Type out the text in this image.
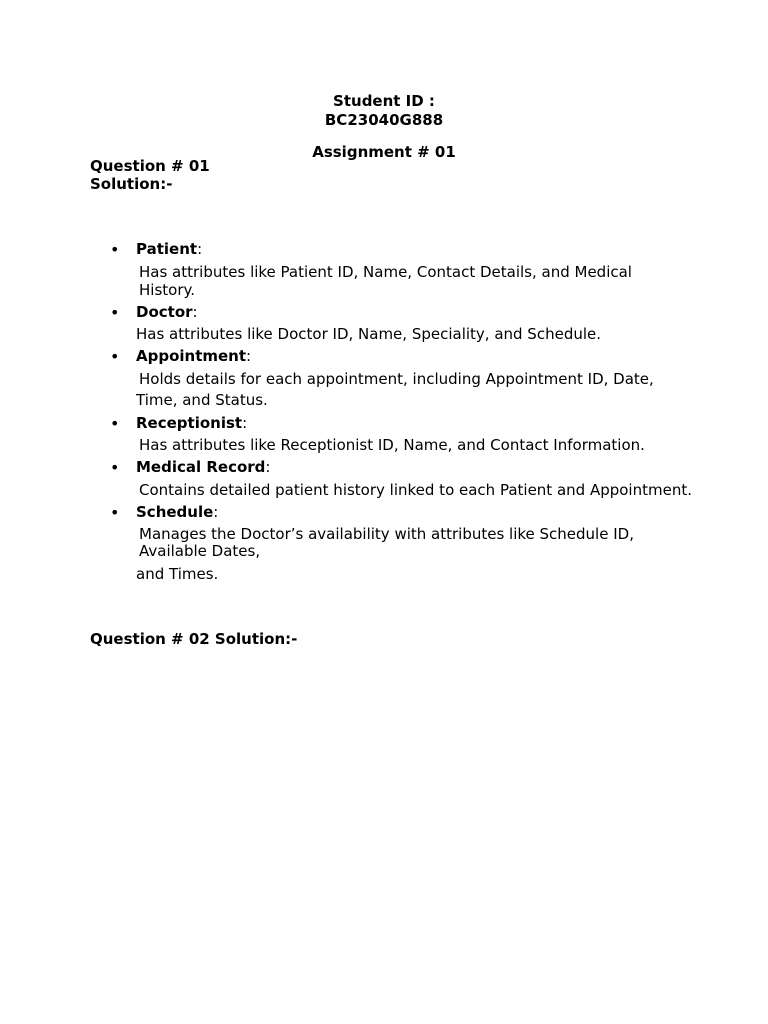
Student ID :
BC23040G888
Assignment # 01
Question # 01
Solution:-
• Patient:
Has attributes like Patient ID, Name, Contact Details, and Medical
History.
• Doctor:
Has attributes like Doctor ID, Name, Speciality, and Schedule.
• Appointment:
Holds details for each appointment, including Appointment ID, Date,
Time, and Status.
• Receptionist:
Has attributes like Receptionist ID, Name, and Contact Information.
• Medical Record:
Contains detailed patient history linked to each Patient and Appointment.
• Schedule:
Manages the Doctor’s availability with attributes like Schedule ID,
Available Dates,
and Times.
Question # 02 Solution:-
